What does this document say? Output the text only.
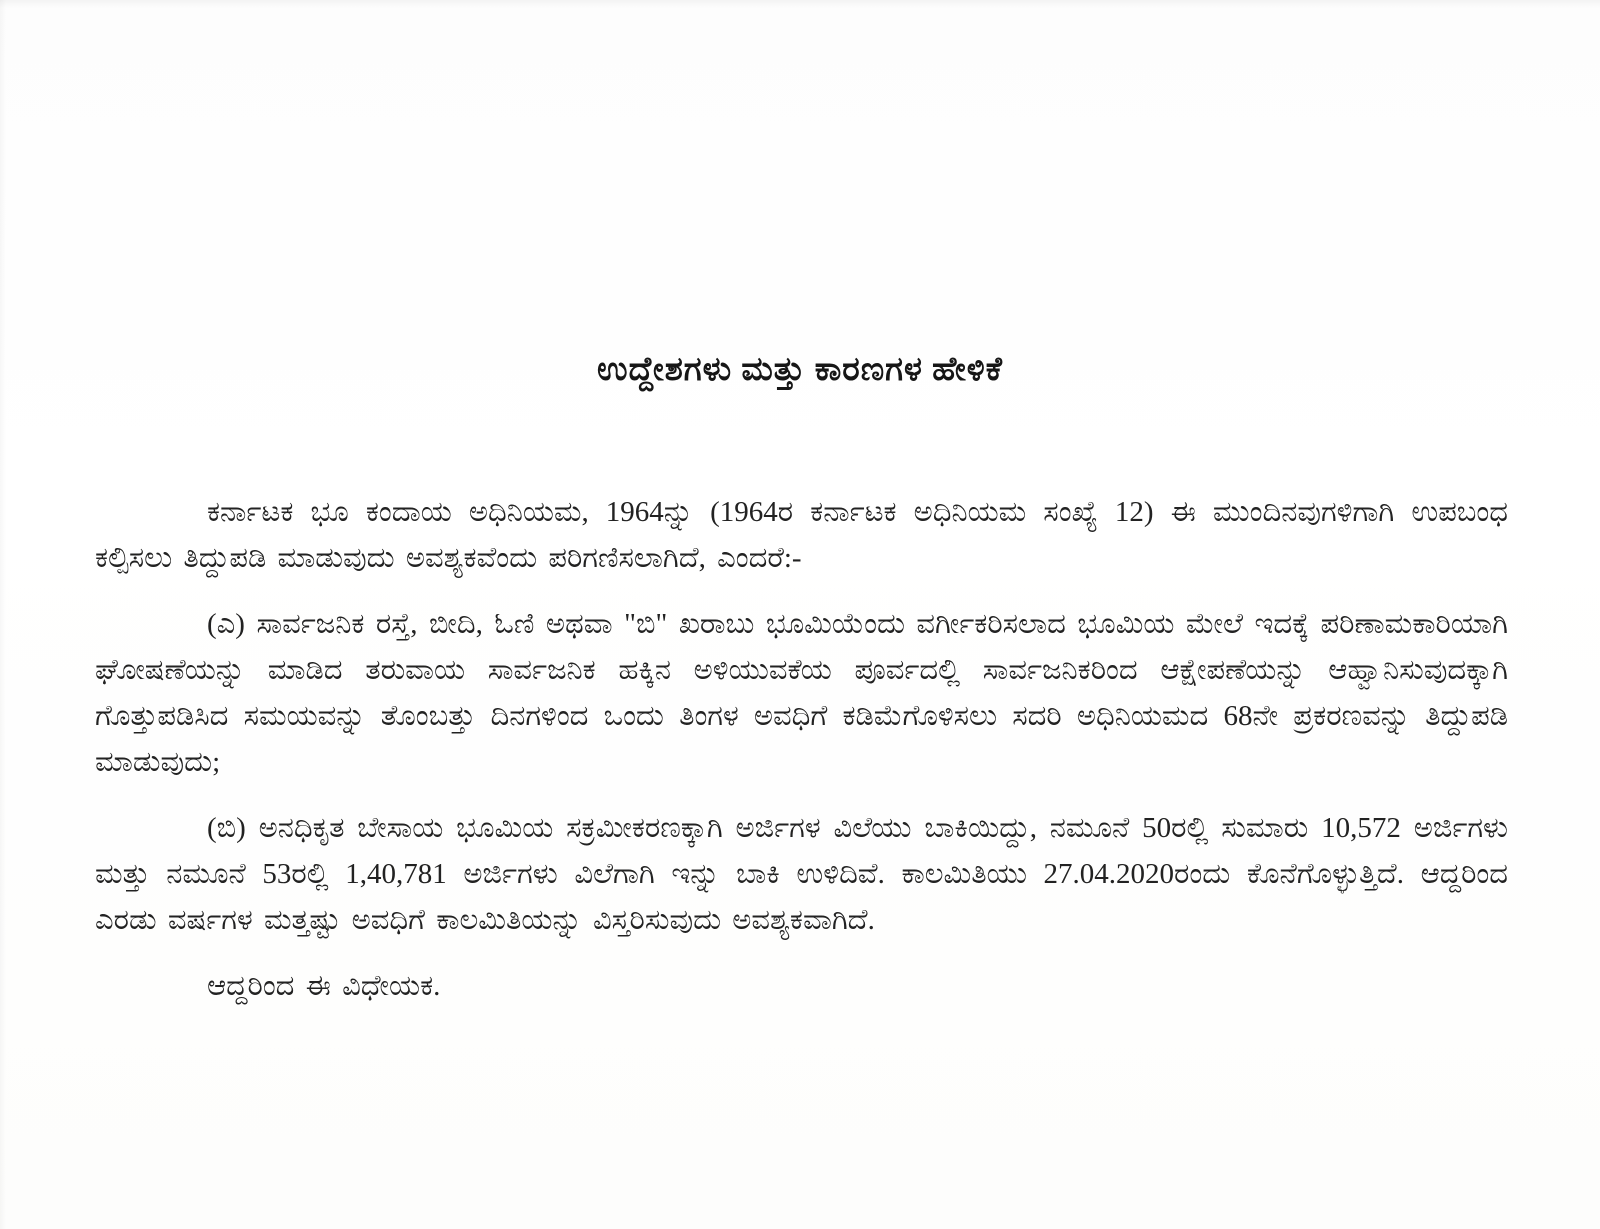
ಉದ್ದೇಶಗಳು ಮತ್ತು ಕಾರಣಗಳ ಹೇಳಿಕೆ

ಕರ್ನಾಟಕ ಭೂ ಕಂದಾಯ ಅಧಿನಿಯಮ, 1964ನ್ನು (1964ರ ಕರ್ನಾಟಕ ಅಧಿನಿಯಮ ಸಂಖ್ಯೆ 12) ಈ ಮುಂದಿನವುಗಳಿಗಾಗಿ ಉಪಬಂಧ ಕಲ್ಪಿಸಲು ತಿದ್ದುಪಡಿ ಮಾಡುವುದು ಅವಶ್ಯಕವೆಂದು ಪರಿಗಣಿಸಲಾಗಿದೆ, ಎಂದರೆ:-

(ಎ) ಸಾರ್ವಜನಿಕ ರಸ್ತೆ, ಬೀದಿ, ಓಣಿ ಅಥವಾ "ಬಿ" ಖರಾಬು ಭೂಮಿಯೆಂದು ವರ್ಗೀಕರಿಸಲಾದ ಭೂಮಿಯ ಮೇಲೆ ಇದಕ್ಕೆ ಪರಿಣಾಮಕಾರಿಯಾಗಿ ಘೋಷಣೆಯನ್ನು ಮಾಡಿದ ತರುವಾಯ ಸಾರ್ವಜನಿಕ ಹಕ್ಕಿನ ಅಳಿಯುವಕೆಯ ಪೂರ್ವದಲ್ಲಿ ಸಾರ್ವಜನಿಕರಿಂದ ಆಕ್ಷೇಪಣೆಯನ್ನು ಆಹ್ವಾನಿಸುವುದಕ್ಕಾಗಿ ಗೊತ್ತುಪಡಿಸಿದ ಸಮಯವನ್ನು ತೊಂಬತ್ತು ದಿನಗಳಿಂದ ಒಂದು ತಿಂಗಳ ಅವಧಿಗೆ ಕಡಿಮೆಗೊಳಿಸಲು ಸದರಿ ಅಧಿನಿಯಮದ 68ನೇ ಪ್ರಕರಣವನ್ನು ತಿದ್ದುಪಡಿ ಮಾಡುವುದು;

(ಬಿ) ಅನಧಿಕೃತ ಬೇಸಾಯ ಭೂಮಿಯ ಸಕ್ರಮೀಕರಣಕ್ಕಾಗಿ ಅರ್ಜಿಗಳ ವಿಲೆಯು ಬಾಕಿಯಿದ್ದು, ನಮೂನೆ 50ರಲ್ಲಿ ಸುಮಾರು 10,572 ಅರ್ಜಿಗಳು ಮತ್ತು ನಮೂನೆ 53ರಲ್ಲಿ 1,40,781 ಅರ್ಜಿಗಳು ವಿಲೆಗಾಗಿ ಇನ್ನು ಬಾಕಿ ಉಳಿದಿವೆ. ಕಾಲಮಿತಿಯು 27.04.2020ರಂದು ಕೊನೆಗೊಳ್ಳುತ್ತಿದೆ. ಆದ್ದರಿಂದ ಎರಡು ವರ್ಷಗಳ ಮತ್ತಷ್ಟು ಅವಧಿಗೆ ಕಾಲಮಿತಿಯನ್ನು ವಿಸ್ತರಿಸುವುದು ಅವಶ್ಯಕವಾಗಿದೆ.

ಆದ್ದರಿಂದ ಈ ವಿಧೇಯಕ.
